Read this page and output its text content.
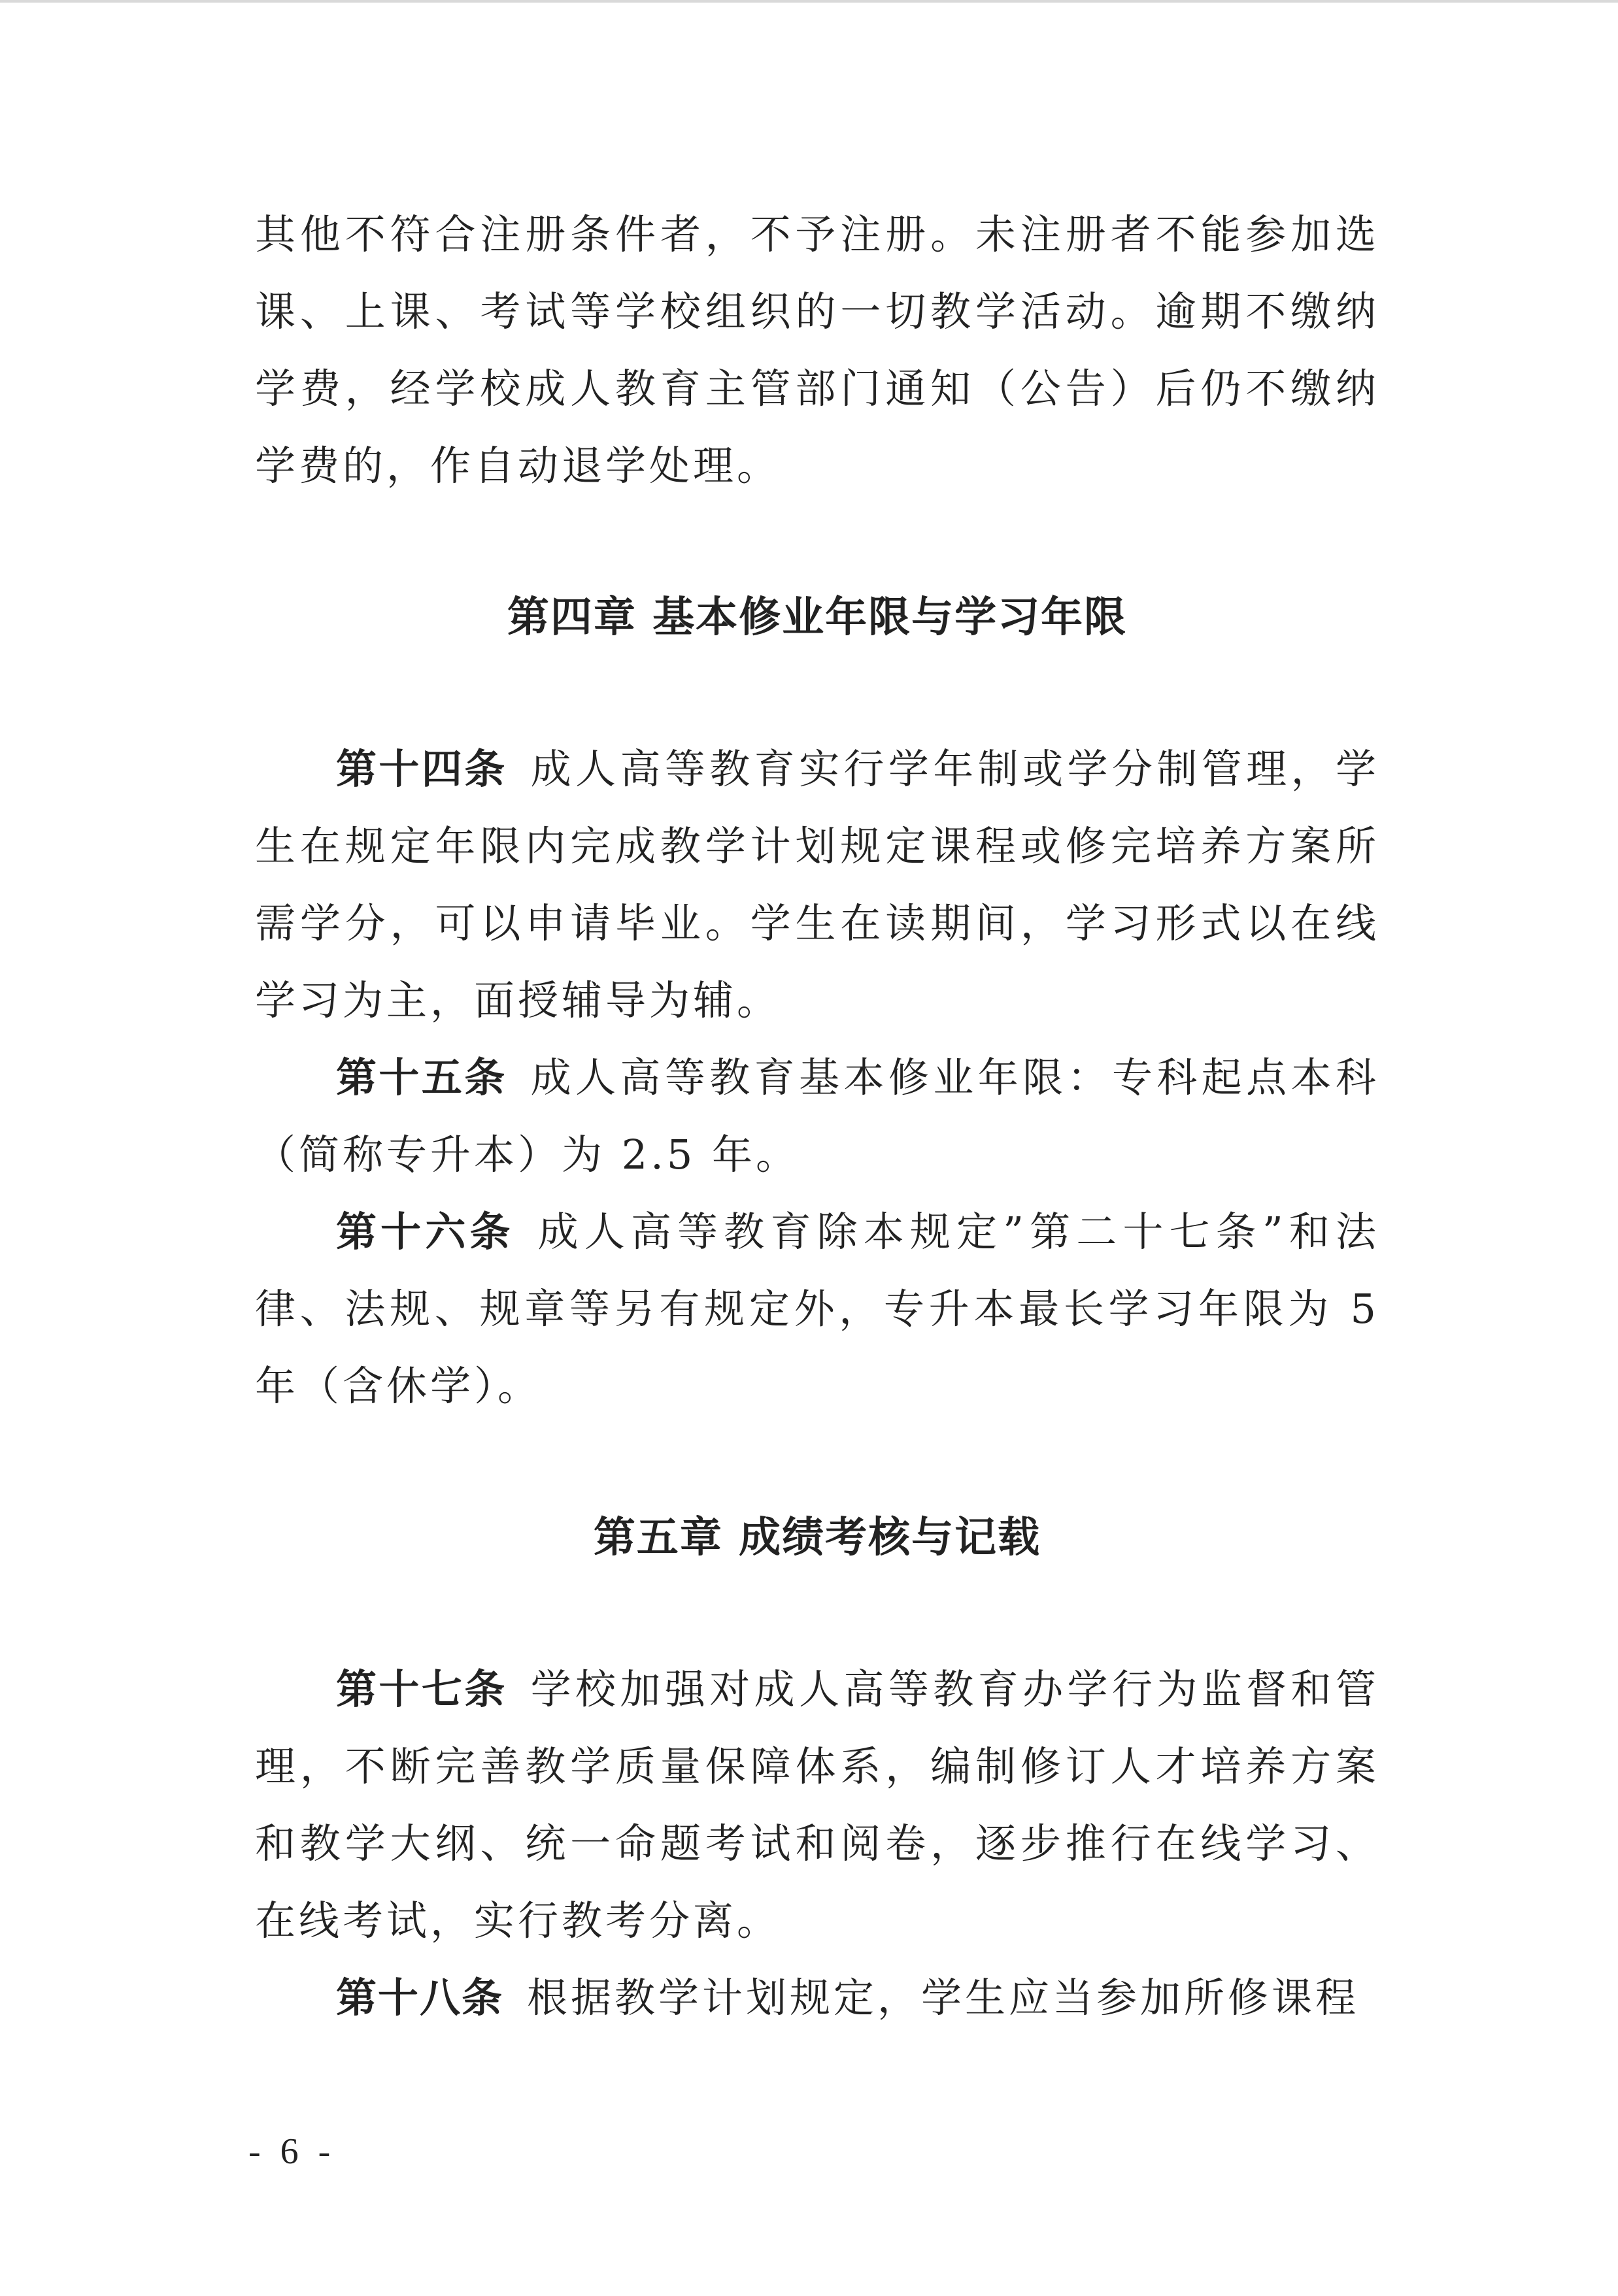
其他不符合注册条件者，不予注册。未注册者不能参加选课、上课、考试等学校组织的一切教学活动。逾期不缴纳学费，经学校成人教育主管部门通知（公告）后仍不缴纳学费的，作自动退学处理。

第四章 基本修业年限与学习年限

第十四条 成人高等教育实行学年制或学分制管理，学生在规定年限内完成教学计划规定课程或修完培养方案所需学分，可以申请毕业。学生在读期间，学习形式以在线学习为主，面授辅导为辅。

第十五条 成人高等教育基本修业年限：专科起点本科（简称专升本）为 2.5 年。

第十六条 成人高等教育除本规定”第二十七条”和法律、法规、规章等另有规定外，专升本最长学习年限为 5 年（含休学）。

第五章 成绩考核与记载

第十七条 学校加强对成人高等教育办学行为监督和管理，不断完善教学质量保障体系，编制修订人才培养方案和教学大纲、统一命题考试和阅卷，逐步推行在线学习、在线考试，实行教考分离。

第十八条 根据教学计划规定，学生应当参加所修课程

- 6 -
